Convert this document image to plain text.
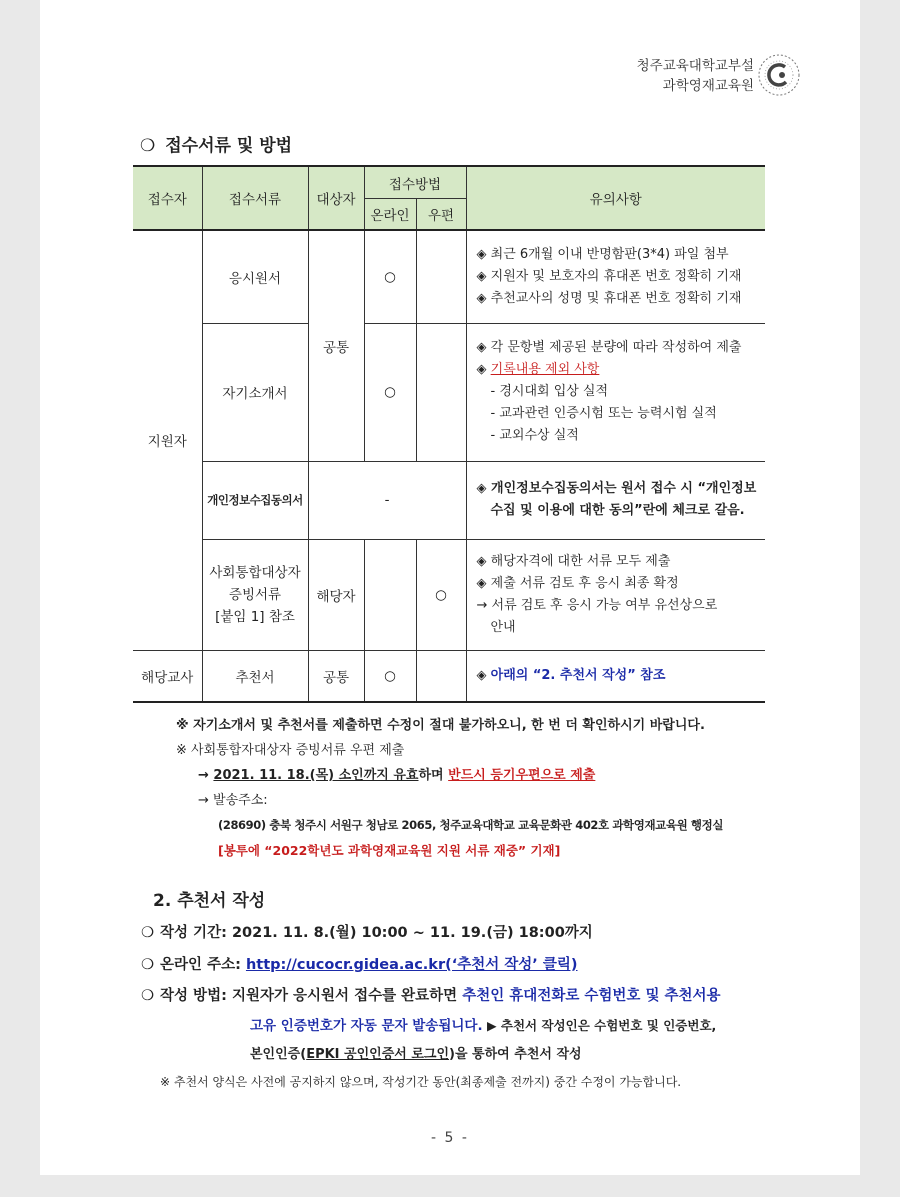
청주교육대학교부설
과학영재교육원
❍ 접수서류 및 방법
접수자	접수서류	대상자	접수방법		유의사항
			온라인	우편	
지원자	응시원서	공통	○		◈ 최근 6개월 이내 반명함판(3*4) 파일 첨부
◈ 지원자 및 보호자의 휴대폰 번호 정확히 기재
◈ 추천교사의 성명 및 휴대폰 번호 정확히 기재

	자기소개서		○		◈ 각 문항별 제공된 분량에 따라 작성하여 제출
◈ 기록내용 제외 사항
- 경시대회 입상 실적
- 교과관련 인증시험 또는 능력시험 실적
- 교외수상 실적

	개인정보수집동의서	-			◈ 개인정보수집동의서는 원서 접수 시 “개인정보
수집 및 이용에 대한 동의”란에 체크로 갈음.

	사회통합대상자
증빙서류
[붙임 1] 참조	해당자		○	◈ 해당자격에 대한 서류 모두 제출
◈ 제출 서류 검토 후 응시 최종 확정
→ 서류 검토 후 응시 가능 여부 유선상으로
안내

해당교사	추천서	공통	○		◈ 아래의 “2. 추천서 작성” 참조
※ 자기소개서 및 추천서를 제출하면 수정이 절대 불가하오니, 한 번 더 확인하시기 바랍니다.
※ 사회통합자대상자 증빙서류 우편 제출
→ 2021. 11. 18.(목) 소인까지 유효하며 반드시 등기우편으로 제출
→ 발송주소:
(28690) 충북 청주시 서원구 청남로 2065, 청주교육대학교 교육문화관 402호 과학영재교육원 행정실
[봉투에 “2022학년도 과학영재교육원 지원 서류 재중” 기재]
2. 추천서 작성
❍ 작성 기간: 2021. 11. 8.(월) 10:00 ~ 11. 19.(금) 18:00까지
❍ 온라인 주소: http://cucocr.gidea.ac.kr(‘추천서 작성’ 클릭)
❍ 작성 방법: 지원자가 응시원서 접수를 완료하면 추천인 휴대전화로 수험번호 및 추천서용
고유 인증번호가 자동 문자 발송됩니다. ▶ 추천서 작성인은 수험번호 및 인증번호,
본인인증(EPKI 공인인증서 로그인)을 통하여 추천서 작성
※ 추천서 양식은 사전에 공지하지 않으며, 작성기간 동안(최종제출 전까지) 중간 수정이 가능합니다.
- 5 -
